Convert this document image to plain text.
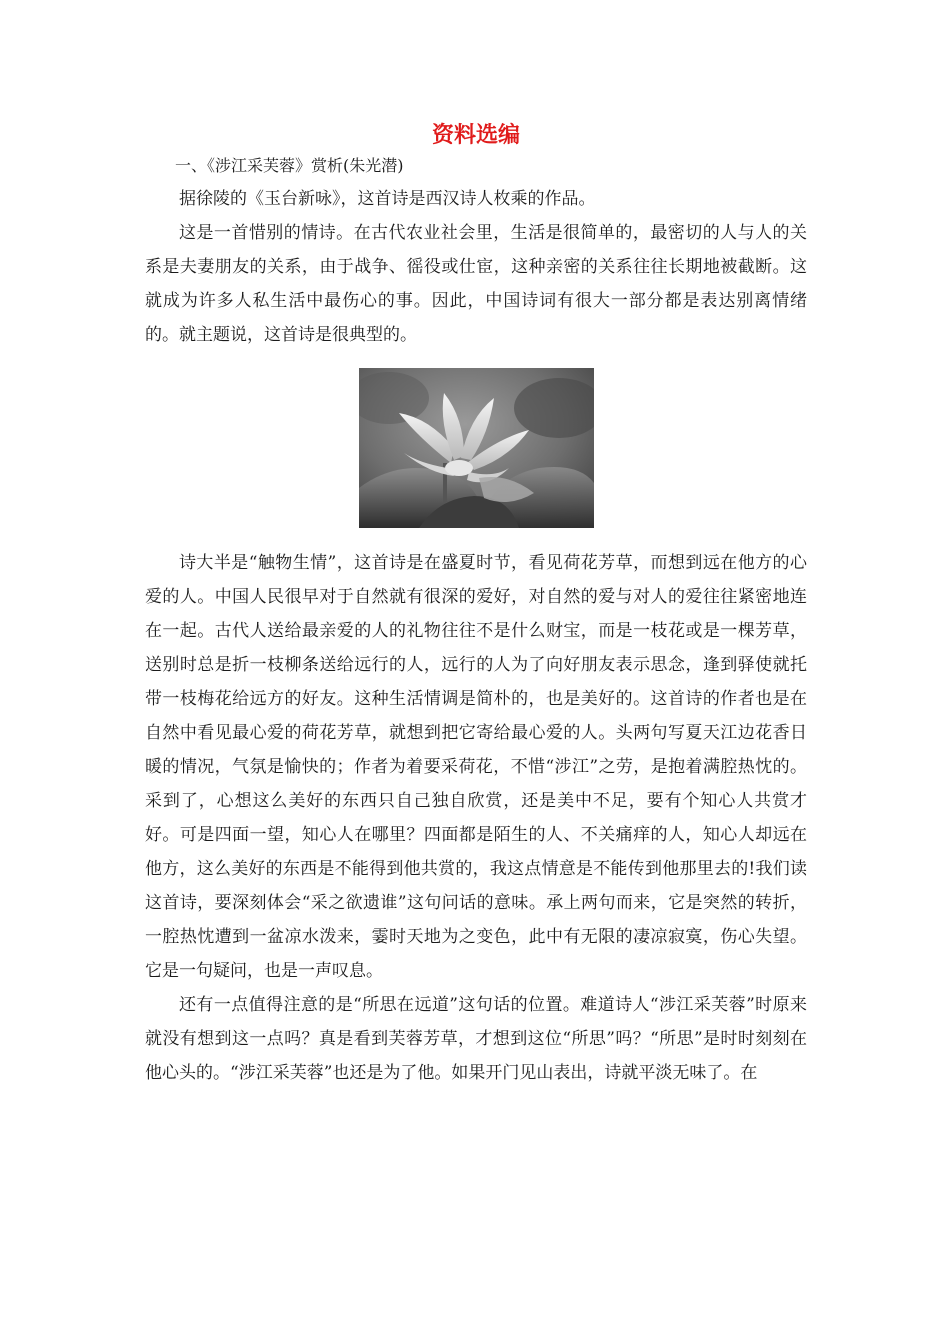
资料选编

一、《涉江采芙蓉》赏析(朱光潜)

据徐陵的《玉台新咏》，这首诗是西汉诗人枚乘的作品。

这是一首惜别的情诗。在古代农业社会里，生活是很简单的，最密切的人与人的关系是夫妻朋友的关系，由于战争、徭役或仕宦，这种亲密的关系往往长期地被截断。这就成为许多人私生活中最伤心的事。因此，中国诗词有很大一部分都是表达别离情绪的。就主题说，这首诗是很典型的。

诗大半是“触物生情”，这首诗是在盛夏时节，看见荷花芳草，而想到远在他方的心爱的人。中国人民很早对于自然就有很深的爱好，对自然的爱与对人的爱往往紧密地连在一起。古代人送给最亲爱的人的礼物往往不是什么财宝，而是一枝花或是一棵芳草，送别时总是折一枝柳条送给远行的人，远行的人为了向好朋友表示思念，逢到驿使就托带一枝梅花给远方的好友。这种生活情调是简朴的，也是美好的。这首诗的作者也是在自然中看见最心爱的荷花芳草，就想到把它寄给最心爱的人。头两句写夏天江边花香日暖的情况，气氛是愉快的；作者为着要采荷花，不惜“涉江”之劳，是抱着满腔热忱的。采到了，心想这么美好的东西只自己独自欣赏，还是美中不足，要有个知心人共赏才好。可是四面一望，知心人在哪里？四面都是陌生的人、不关痛痒的人，知心人却远在他方，这么美好的东西是不能得到他共赏的，我这点情意是不能传到他那里去的!我们读这首诗，要深刻体会“采之欲遗谁”这句问话的意味。承上两句而来，它是突然的转折，一腔热忱遭到一盆凉水泼来，霎时天地为之变色，此中有无限的凄凉寂寞，伤心失望。它是一句疑问，也是一声叹息。

还有一点值得注意的是“所思在远道”这句话的位置。难道诗人“涉江采芙蓉”时原来就没有想到这一点吗？真是看到芙蓉芳草，才想到这位“所思”吗？“所思”是时时刻刻在他心头的。“涉江采芙蓉”也还是为了他。如果开门见山表出，诗就平淡无味了。在
